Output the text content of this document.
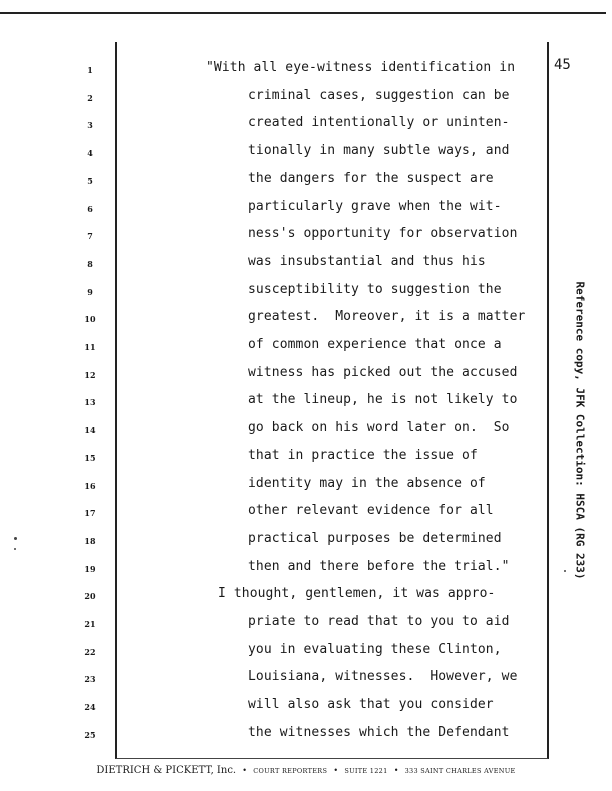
45
1
2
3
4
5
6
7
8
9
10
11
12
13
14
15
16
17
18
19
20
21
22
23
24
25
"With all eye-witness identification in
criminal cases, suggestion can be
created intentionally or uninten-
tionally in many subtle ways, and
the dangers for the suspect are
particularly grave when the wit-
ness's opportunity for observation
was insubstantial and thus his
susceptibility to suggestion the
greatest.  Moreover, it is a matter
of common experience that once a
witness has picked out the accused
at the lineup, he is not likely to
go back on his word later on.  So
that in practice the issue of
identity may in the absence of
other relevant evidence for all
practical purposes be determined
then and there before the trial."
I thought, gentlemen, it was appro-
priate to read that to you to aid
you in evaluating these Clinton,
Louisiana, witnesses.  However, we
will also ask that you consider
the witnesses which the Defendant
Reference copy, JFK Collection: HSCA (RG 233)
DIETRICH & PICKETT, Inc. • COURT REPORTERS • SUITE 1221 • 333 SAINT CHARLES AVENUE
